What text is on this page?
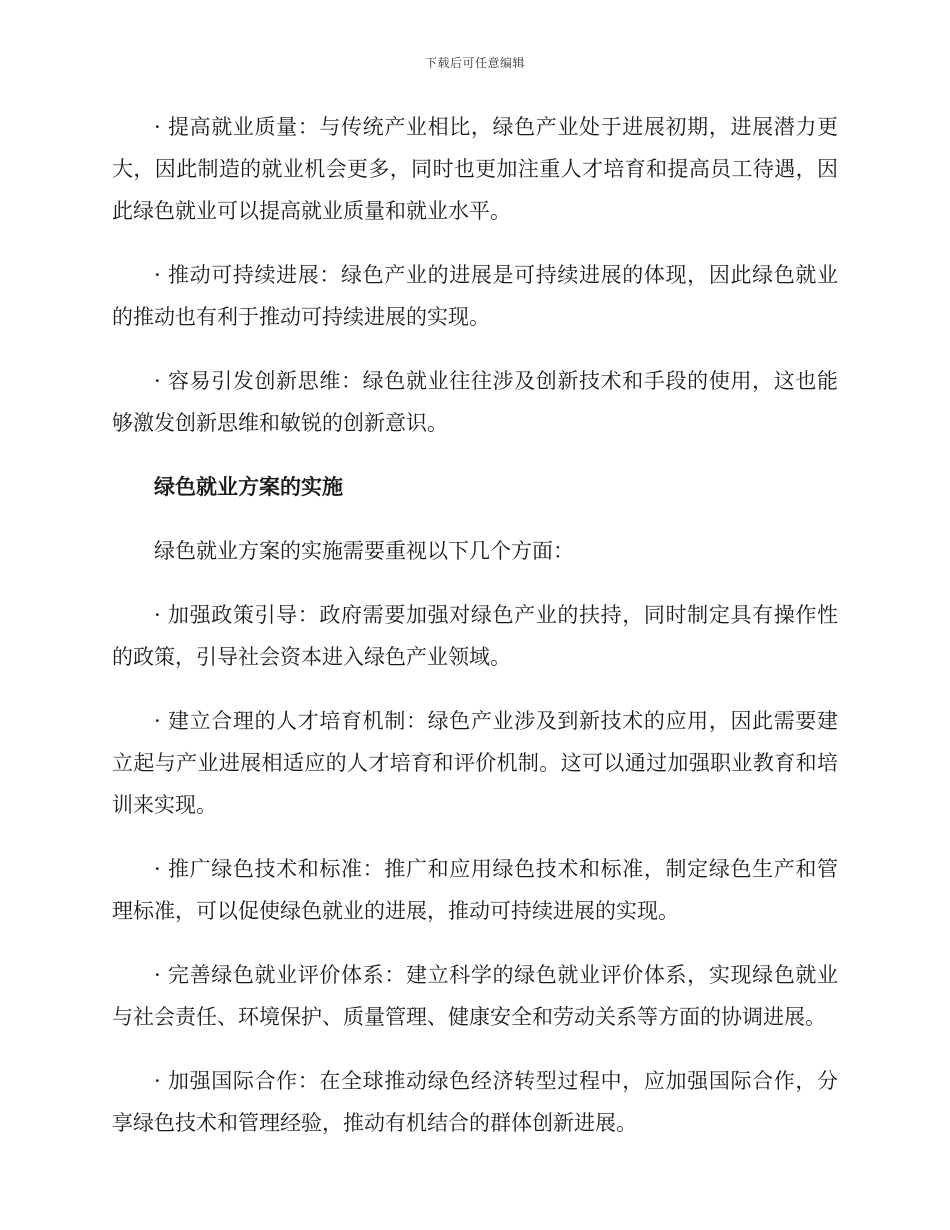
下载后可任意编辑

· 提高就业质量：与传统产业相比，绿色产业处于进展初期，进展潜力更大，因此制造的就业机会更多，同时也更加注重人才培育和提高员工待遇，因此绿色就业可以提高就业质量和就业水平。

· 推动可持续进展：绿色产业的进展是可持续进展的体现，因此绿色就业的推动也有利于推动可持续进展的实现。

· 容易引发创新思维：绿色就业往往涉及创新技术和手段的使用，这也能够激发创新思维和敏锐的创新意识。

绿色就业方案的实施

绿色就业方案的实施需要重视以下几个方面：

· 加强政策引导：政府需要加强对绿色产业的扶持，同时制定具有操作性的政策，引导社会资本进入绿色产业领域。

· 建立合理的人才培育机制：绿色产业涉及到新技术的应用，因此需要建立起与产业进展相适应的人才培育和评价机制。这可以通过加强职业教育和培训来实现。

· 推广绿色技术和标准：推广和应用绿色技术和标准，制定绿色生产和管理标准，可以促使绿色就业的进展，推动可持续进展的实现。

· 完善绿色就业评价体系：建立科学的绿色就业评价体系，实现绿色就业与社会责任、环境保护、质量管理、健康安全和劳动关系等方面的协调进展。

· 加强国际合作：在全球推动绿色经济转型过程中，应加强国际合作，分享绿色技术和管理经验，推动有机结合的群体创新进展。
